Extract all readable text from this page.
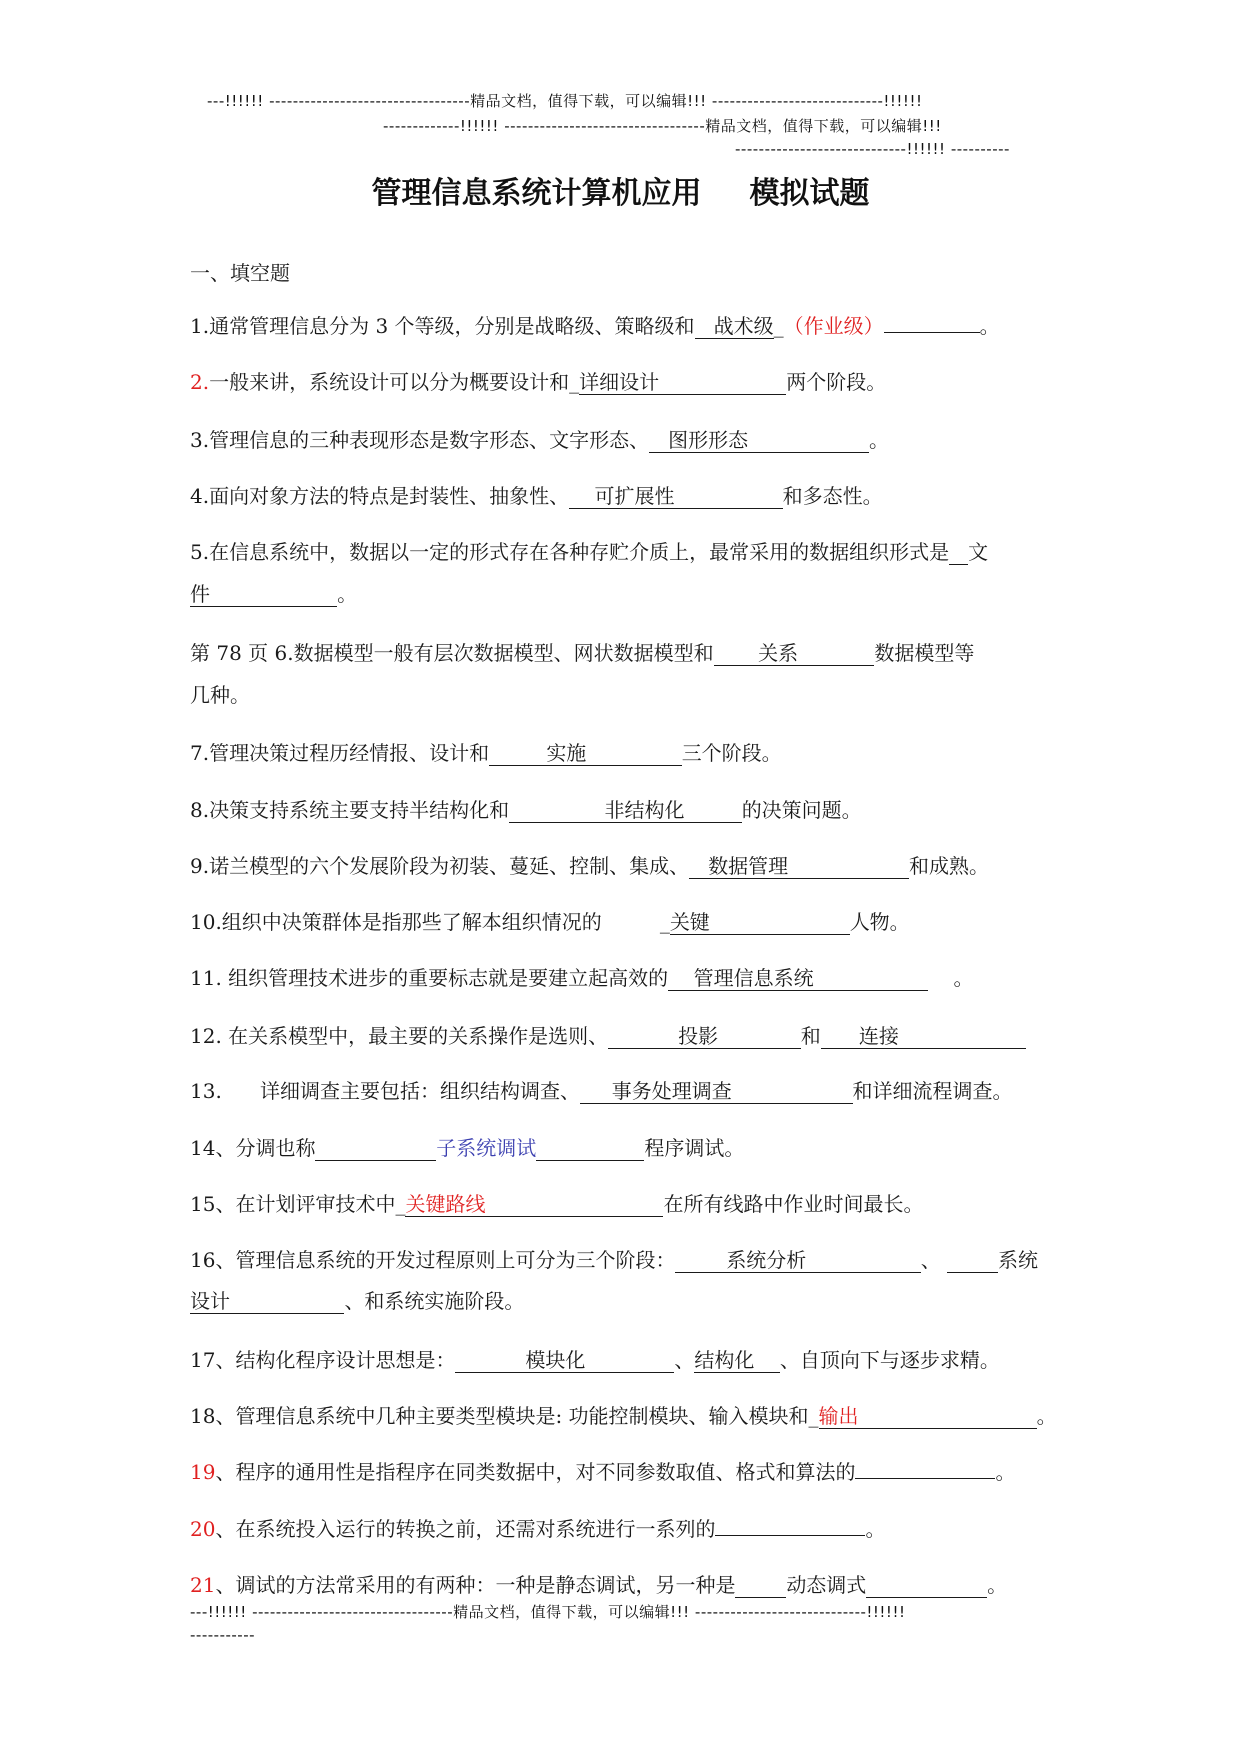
---!!!!!! ----------------------------------精品文档，值得下载，可以编辑!!! -----------------------------!!!!!!
-------------!!!!!! ----------------------------------精品文档，值得下载，可以编辑!!!
-----------------------------!!!!!! ----------
管理信息系统计算机应用 模拟试题
一、填空题
1.通常管理信息分为 3 个等级，分别是战略级、策略级和 战术级_（作业级）	。
2.一般来讲，系统设计可以分为概要设计和_详细设计	两个阶段。
3.管理信息的三种表现形态是数字形态、文字形态、 图形形态	。
4.面向对象方法的特点是封装性、抽象性、 可扩展性	和多态性。
5.在信息系统中，数据以一定的形式存在各种存贮介质上，最常采用的数据组织形式是 文
件	。
第 78 页 6.数据模型一般有层次数据模型、网状数据模型和 关系	数据模型等
几种。
7.管理决策过程历经情报、设计和	实施	三个阶段。
8.决策支持系统主要支持半结构化和	非结构化	的决策问题。
9.诺兰模型的六个发展阶段为初装、蔓延、控制、集成、 数据管理	和成熟。
10.组织中决策群体是指那些了解本组织情况的	_关键	人物。
11. 组织管理技术进步的重要标志就是要建立起高效的 管理信息系统	。
12. 在关系模型中，最主要的关系操作是选则、	投影	和 连接
13.      详细调查主要包括：组织结构调查、 事务处理调查	和详细流程调查。
14、分调也称	子系统调试	程序调试。
15、在计划评审技术中_关键路线	在所有线路中作业时间最长。
16、管理信息系统的开发过程原则上可分为三个阶段：	系统分析	、	系统
设计	、和系统实施阶段。
17、结构化程序设计思想是：	模块化	、结构化 、自顶向下与逐步求精。
18、管理信息系统中几种主要类型模块是: 功能控制模块、输入模块和_输出	。
19、程序的通用性是指程序在同类数据中，对不同参数取值、格式和算法的	。
20、在系统投入运行的转换之前，还需对系统进行一系列的	。
21、调试的方法常采用的有两种：一种是静态调试，另一种是	动态调式	。
---!!!!!! ----------------------------------精品文档，值得下载，可以编辑!!! -----------------------------!!!!!!
-----------
